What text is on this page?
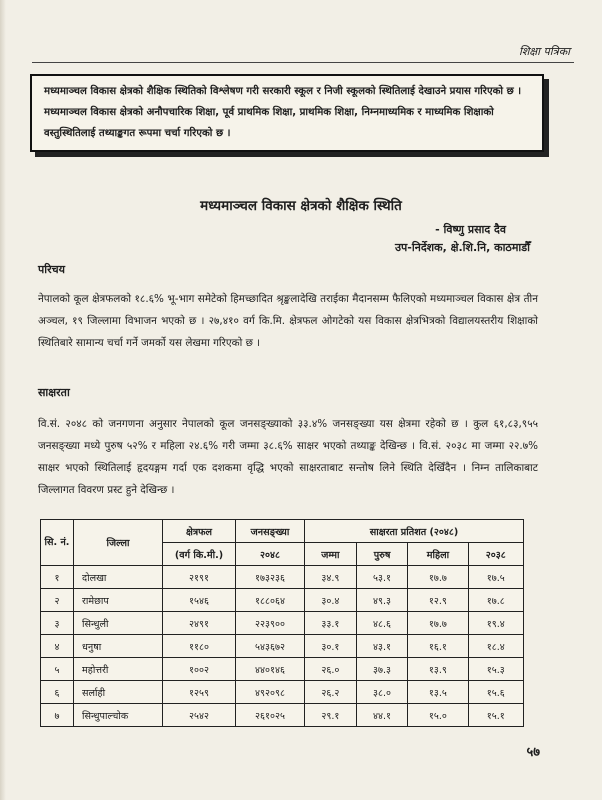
शिक्षा पत्रिका
मध्यमाञ्चल विकास क्षेत्रको शैक्षिक स्थितिको विश्लेषण गरी सरकारी स्कूल र निजी स्कूलको स्थितिलाई देखाउने प्रयास गरिएको छ । मध्यमाञ्चल विकास क्षेत्रको अनौपचारिक शिक्षा, पूर्व प्राथमिक शिक्षा, प्राथमिक शिक्षा, निम्नमाध्यमिक र माध्यमिक शिक्षाको वस्तुस्थितिलाई तथ्याङ्कगत रूपमा चर्चा गरिएको छ ।
मध्यमाञ्चल विकास क्षेत्रको शैक्षिक स्थिति
- विष्णु प्रसाद दैव
उप-निर्देशक, क्षे.शि.नि, काठमाडौँ
परिचय
नेपालको कूल क्षेत्रफलको १८.६% भू-भाग समेटेको हिमच्छादित श्रृङ्खलादेखि तराईका मैदानसम्म फैलिएको मध्यमाञ्चल विकास क्षेत्र तीन अञ्चल, १९ जिल्लामा विभाजन भएको छ । २७,४१० वर्ग कि.मि. क्षेत्रफल ओगटेको यस विकास क्षेत्रभित्रको विद्यालयस्तरीय शिक्षाको स्थितिबारे सामान्य चर्चा गर्ने जमर्को यस लेखमा गरिएको छ ।
साक्षरता
वि.सं. २०४८ को जनगणना अनुसार नेपालको कूल जनसङ्ख्याको ३३.४% जनसङ्ख्या यस क्षेत्रमा रहेको छ । कुल ६१,८३,९५५ जनसङ्ख्या मध्ये पुरुष ५२% र महिला २४.६% गरी जम्मा ३८.६% साक्षर भएको तथ्याङ्क देखिन्छ । वि.सं. २०३८ मा जम्मा २२.७% साक्षर भएको स्थितिलाई हृदयङ्गम गर्दा एक दशकमा वृद्धि भएको साक्षरताबाट सन्तोष लिने स्थिति देखिँदैन । निम्न तालिकाबाट जिल्लागत विवरण प्रस्ट हुने देखिन्छ ।
सि. नं.	जिल्ला	क्षेत्रफल	जनसङ्ख्या	साक्षरता प्रतिशत (२०४८)			
		(वर्ग कि.मी.)	२०४८	जम्मा	पुरुष	महिला	२०३८
१	दोलखा	२१९१	१७३२३६	३४.९	५३.१	१७.७	१७.५
२	रामेछाप	१५४६	१८८०६४	३०.४	४९.३	१२.९	१७.८
३	सिन्धुली	२४९१	२२३९००	३३.१	४८.६	१७.७	१९.४
४	धनुषा	११८०	५४३६७२	३०.१	४३.१	१६.१	१८.४
५	महोत्तरी	१००२	४४०१४६	२६.०	३७.३	१३.९	१५.३
६	सर्लाही	१२५९	४९२०९८	२६.२	३८.०	१३.५	१५.६
७	सिन्धुपाल्चोक	२५४२	२६१०२५	२९.१	४४.१	१५.०	१५.१
५७
